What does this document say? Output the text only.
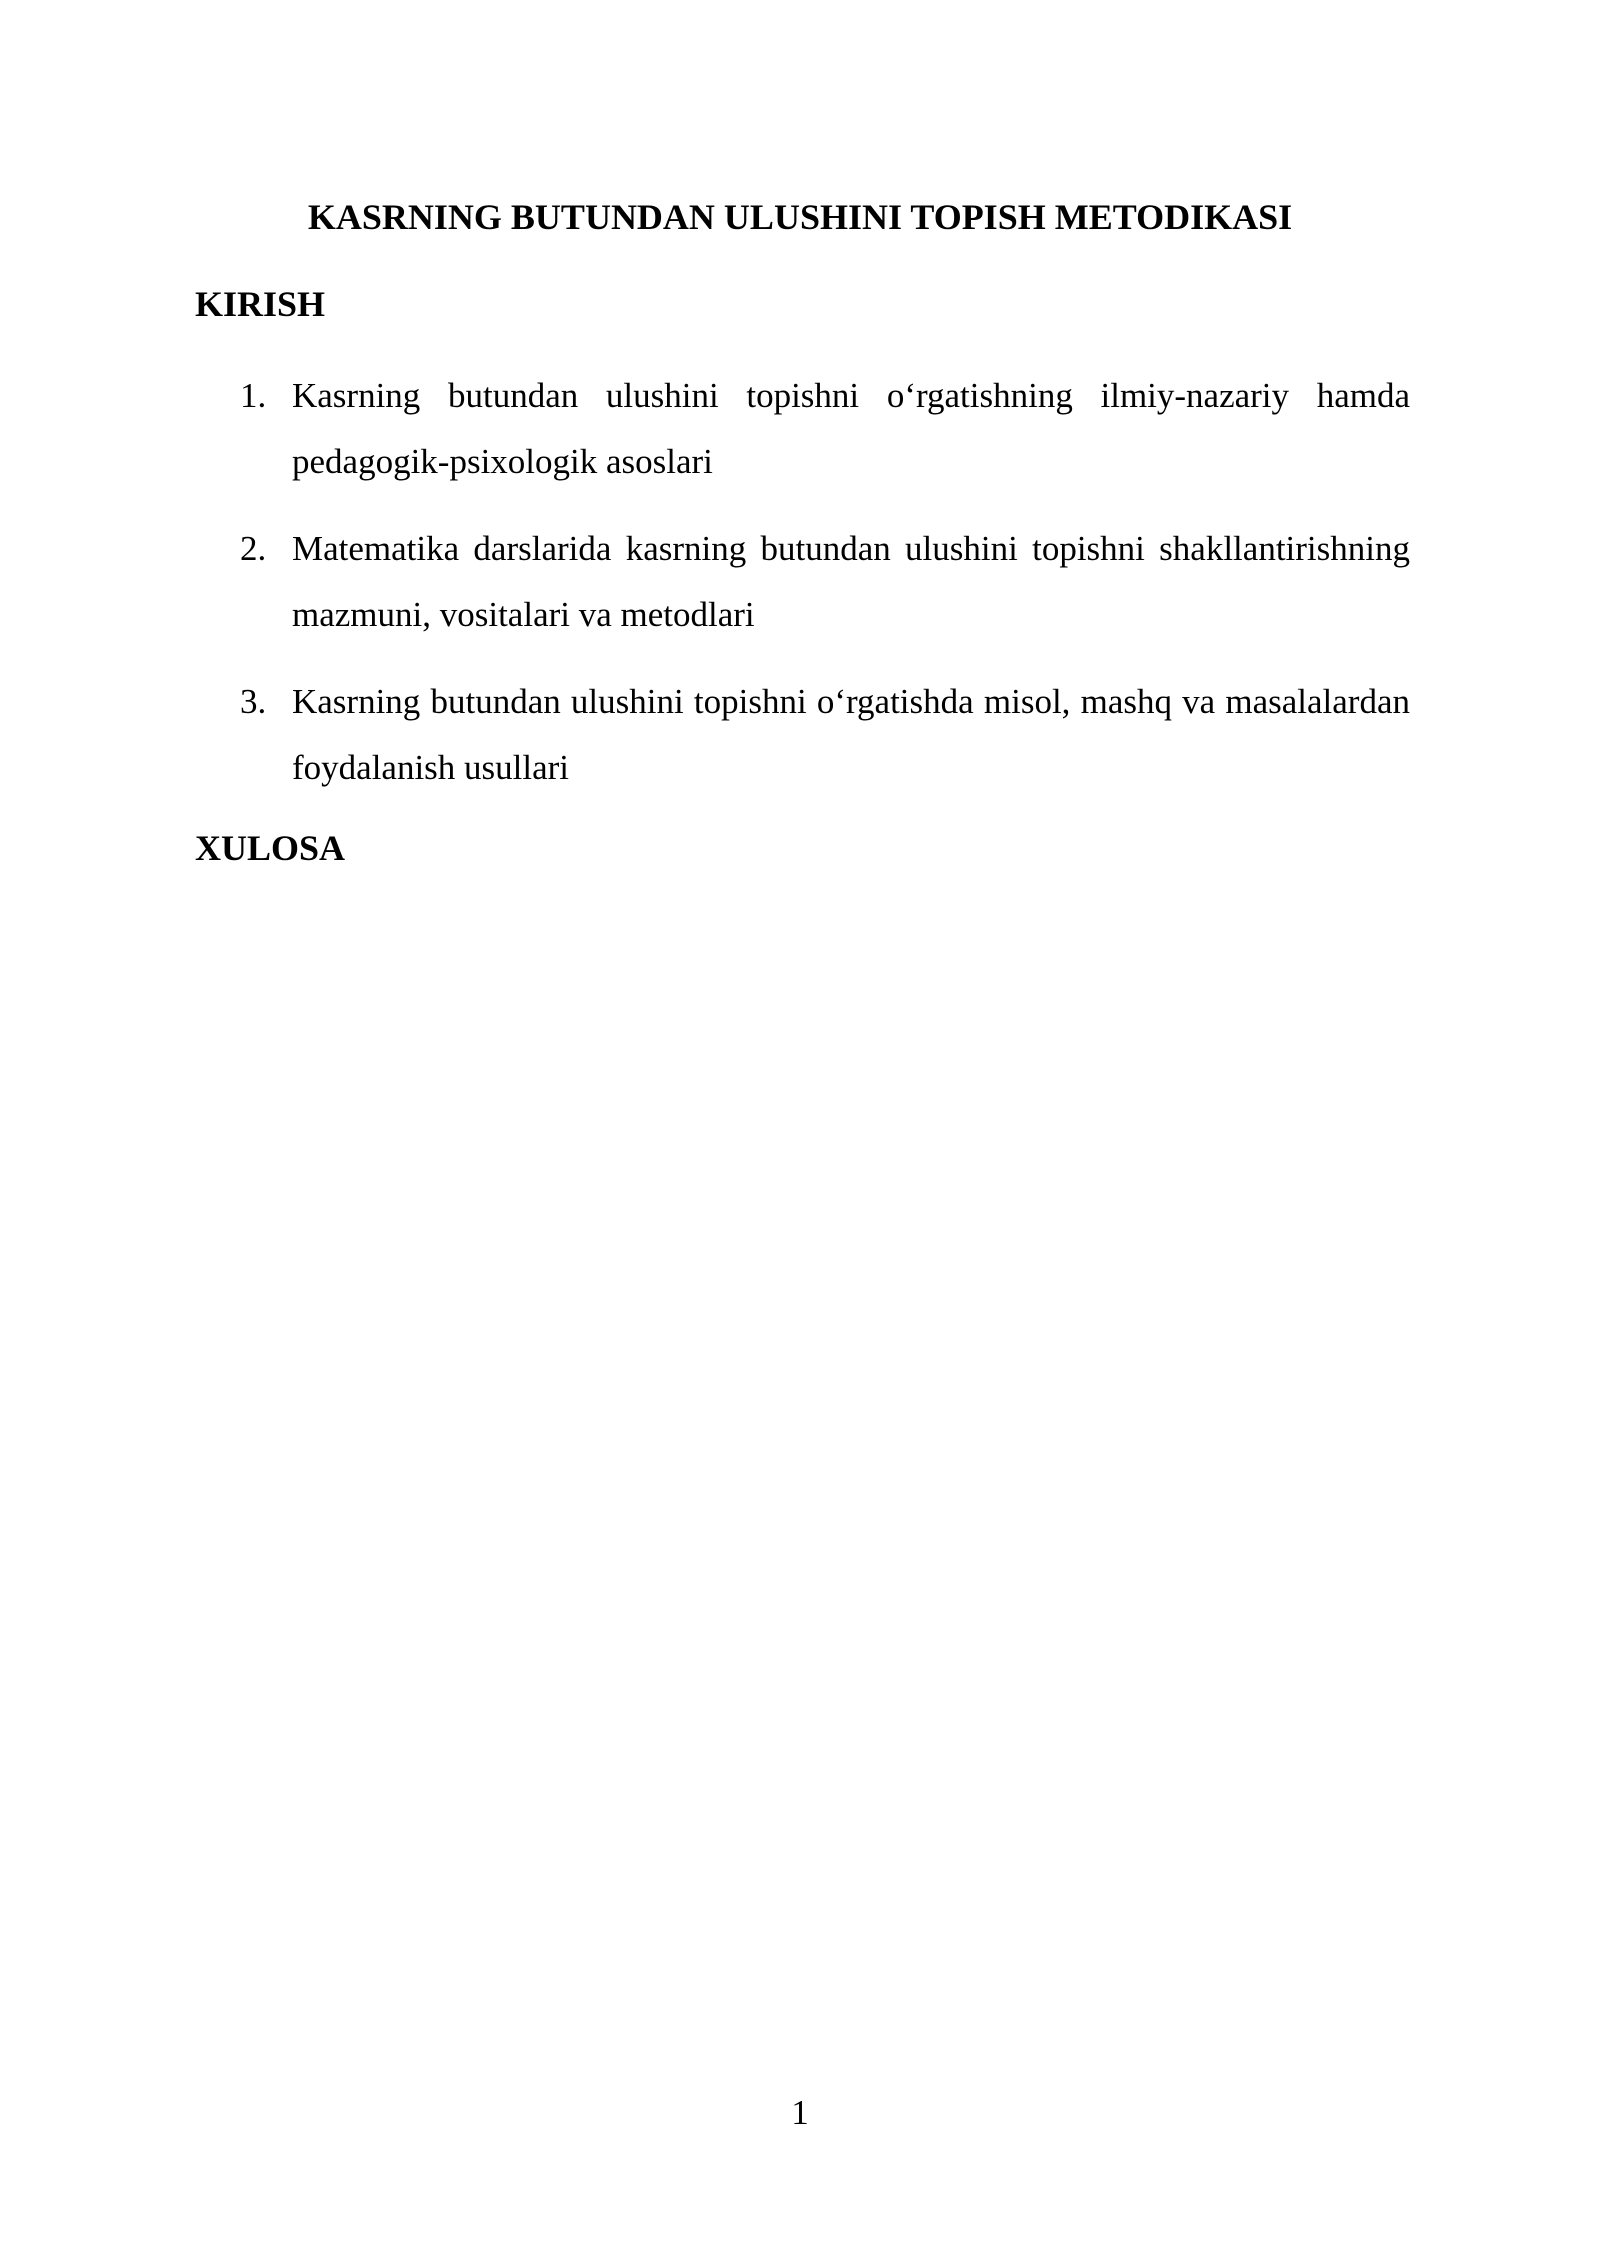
KASRNING BUTUNDAN ULUSHINI TOPISH METODIKASI
KIRISH
1. Kasrning butundan ulushini topishni o‘rgatishning ilmiy-nazariy hamda pedagogik-psixologik asoslari
2. Matematika darslarida kasrning butundan ulushini topishni shakllantirishning mazmuni, vositalari va metodlari
3. Kasrning butundan ulushini topishni o‘rgatishda misol, mashq va masalalardan foydalanish usullari
XULOSA
1
